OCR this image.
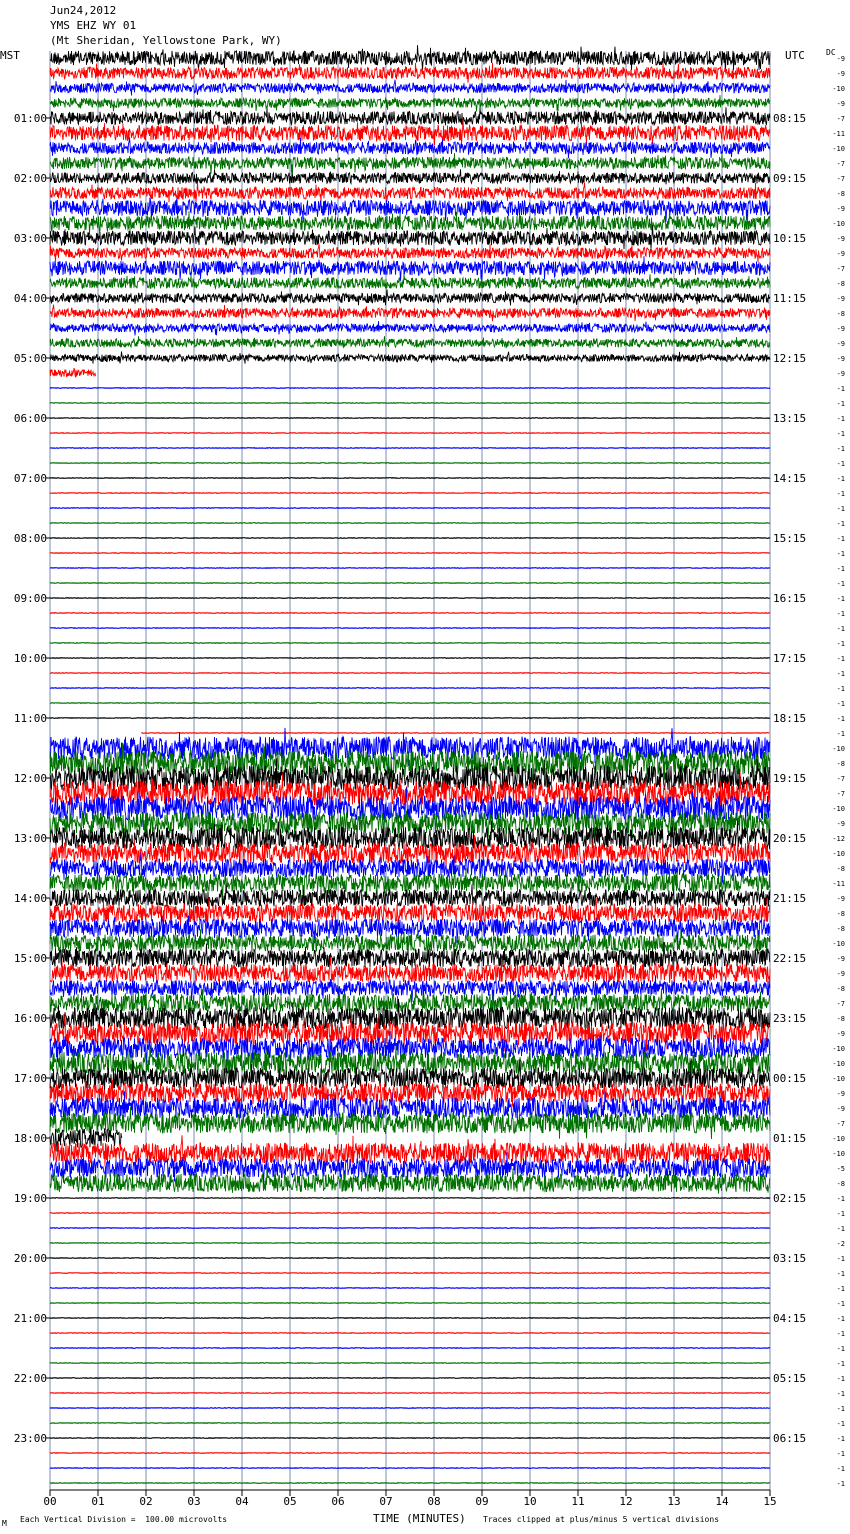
Jun24,2012
YMS EHZ WY 01
(Mt Sheridan, Yellowstone Park, WY)
MST	UTC	DC
01:00
02:00
03:00
04:00
05:00
06:00
07:00
08:00
09:00
10:00
11:00
12:00
13:00
14:00
15:00
16:00
17:00
18:00
19:00
20:00
21:00
22:00
23:00
08:15
09:15
10:15
11:15
12:15
13:15
14:15
15:15
16:15
17:15
18:15
19:15
20:15
21:15
22:15
23:15
00:15
01:15
02:15
03:15
04:15
05:15
06:15
-9
-9
-10
-9
-7
-11
-10
-7
-7
-8
-9
-10
-9
-9
-7
-8
-9
-8
-9
-9
-9
-9
-1
-1
-1
-1
-1
-1
-1
-1
-1
-1
-1
-1
-1
-1
-1
-1
-1
-1
-1
-1
-1
-1
-1
-1
-10
-8
-7
-7
-10
-9
-12
-10
-8
-11
-9
-8
-8
-10
-9
-9
-8
-7
-8
-9
-10
-10
-10
-9
-9
-7
-10
-10
-5
-8
-1
-1
-1
-2
-1
-1
-1
-1
-1
-1
-1
-1
-1
-1
-1
-1
-1
-1
-1
-1
00	01	02	03	04	05	06	07	08	09	10	11	12	13	14	15
TIME (MINUTES)
M Each Vertical Division =  100.00 microvolts	Traces clipped at plus/minus 5 vertical divisions
